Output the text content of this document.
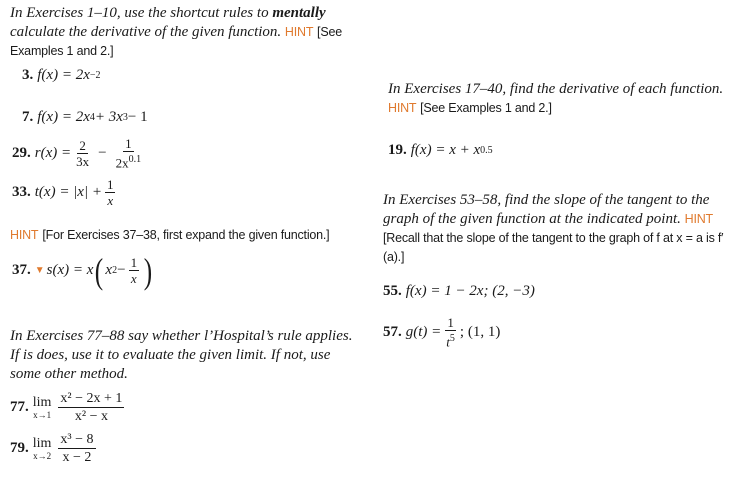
In Exercises 1–10, use the shortcut rules to mentally calculate the derivative of the given function. HINT [See Examples 1 and 2.]
3. f(x) = 2x −2
7. f(x) = 2x 4 + 3x 3 − 1
29. $r(x) = \frac{2}{3x} - \frac{1}{2x^{0.1}}$
33. $t(x) = |x| + \frac{1}{x}$
HINT [For Exercises 37–38, first expand the given function.]
37. ▼ s(x) = x ( x $2 - \frac{1}{x}$ )
In Exercises 77–88 say whether l’Hospital’s rule applies. If is does, use it to evaluate the given limit. If not, use some other method.
77. lim
$x\to 1 \frac{\text{x² − 2x + 1}}{\text{x² − x}}$
79. lim
$x\to 2 \frac{\text{x³ − 8}}{x - 2}$
In Exercises 17–40, find the derivative of each function.
HINT [See Examples 1 and 2.]
19. f(x) = x + x 0.5
In Exercises 53–58, find the slope of the tangent to the graph of the given function at the indicated point. HINT [Recall that the slope of the tangent to the graph of f at x = a is f′(a).]
55. f(x) = 1 − 2x; (2, −3)
57. $g(t) = \frac{1}{t^5}$ ; (1, 1)
